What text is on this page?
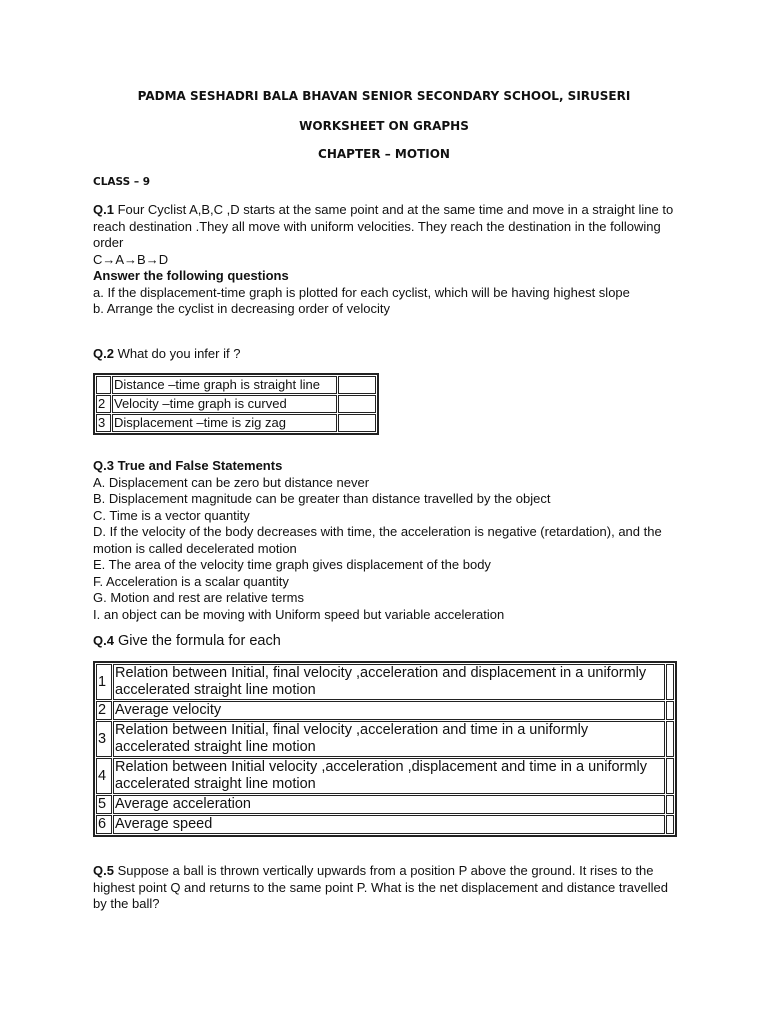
PADMA SESHADRI BALA BHAVAN SENIOR SECONDARY SCHOOL, SIRUSERI
WORKSHEET ON GRAPHS
CHAPTER – MOTION
CLASS – 9

Q.1 Four Cyclist A,B,C ,D starts at the same point and at the same time and move in a straight line to reach destination .They all move with uniform velocities. They reach the destination in the following order

C→A→B→D

Answer the following questions

a. If the displacement-time graph is plotted for each cyclist, which will be having highest slope

b. Arrange the cyclist in decreasing order of velocity

Q.2 What do you infer if ?

	Distance –time graph is straight line	
2	Velocity –time graph is curved	
3	Displacement –time is zig zag	

Q.3 True and False Statements

A. Displacement can be zero but distance never

B. Displacement magnitude can be greater than distance travelled by the object

C. Time is a vector quantity

D. If the velocity of the body decreases with time, the acceleration is negative (retardation), and the motion is called decelerated motion

E. The area of the velocity time graph gives displacement of the body

F. Acceleration is a scalar quantity

G. Motion and rest are relative terms

I. an object can be moving with Uniform speed but variable acceleration

Q.4 Give the formula for each

1	Relation between Initial, final velocity ,acceleration and displacement in a uniformly accelerated straight line motion	
2	Average velocity	
3	Relation between Initial, final velocity ,acceleration and time in a uniformly accelerated straight line motion	
4	Relation between Initial velocity ,acceleration ,displacement and time in a uniformly accelerated straight line motion	
5	Average acceleration	
6	Average speed	

Q.5 Suppose a ball is thrown vertically upwards from a position P above the ground. It rises to the highest point Q and returns to the same point P. What is the net displacement and distance travelled by the ball?
